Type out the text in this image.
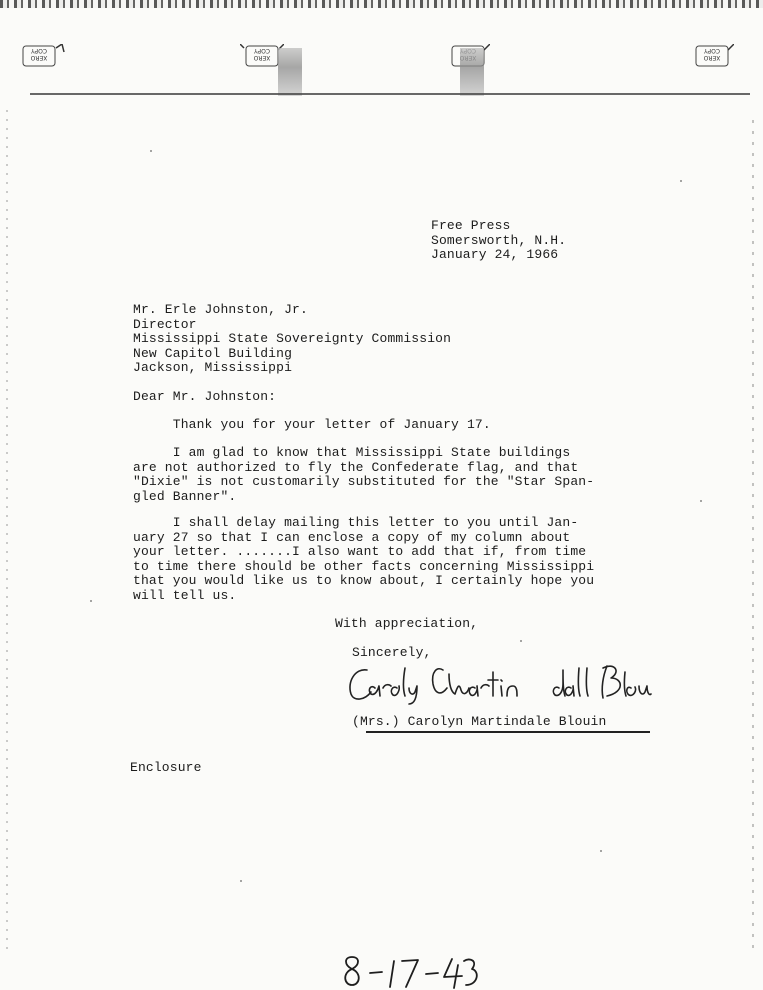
XERO COPY
XERO COPY
XERO COPY
Free Press
Somersworth, N.H.
January 24, 1966
Mr. Erle Johnston, Jr.
Director
Mississippi State Sovereignty Commission
New Capitol Building
Jackson, Mississippi
Dear Mr. Johnston:
Thank you for your letter of January 17.
I am glad to know that Mississippi State buildings
are not authorized to fly the Confederate flag, and that
"Dixie" is not customarily substituted for the "Star Span-
gled Banner".
I shall delay mailing this letter to you until Jan-
uary 27 so that I can enclose a copy of my column about
your letter. .......I also want to add that if, from time
to time there should be other facts concerning Mississippi
that you would like us to know about, I certainly hope you
will tell us.
With appreciation,
Sincerely,
(Mrs.) Carolyn Martindale Blouin
Enclosure
